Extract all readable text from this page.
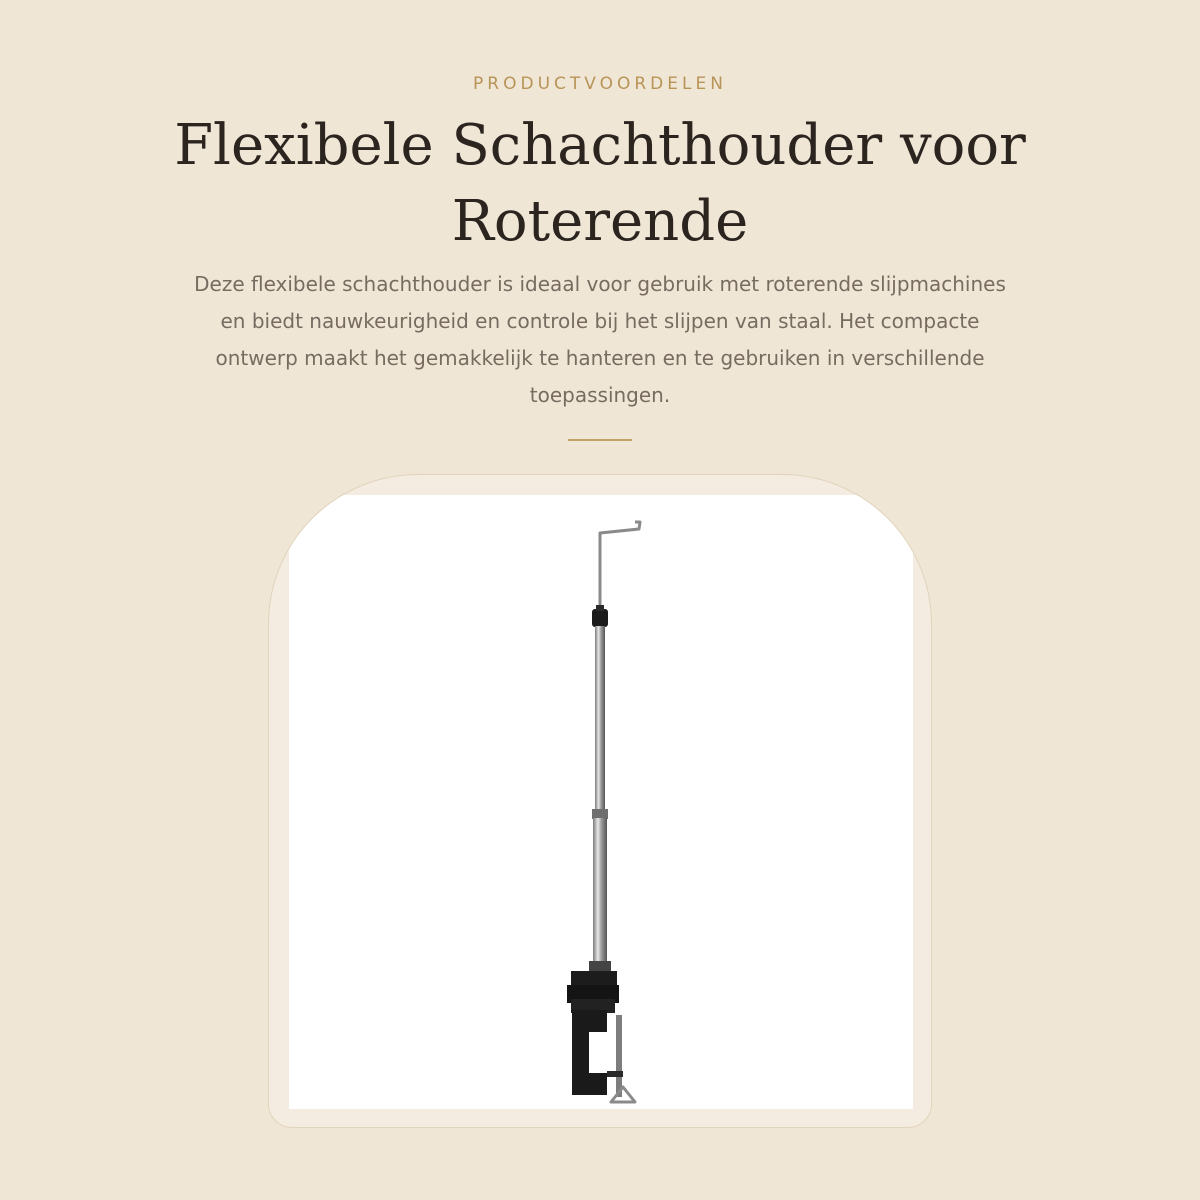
PRODUCTVOORDELEN
Flexibele Schachthouder voor Roterende

Deze flexibele schachthouder is ideaal voor gebruik met roterende slijpmachines en biedt nauwkeurigheid en controle bij het slijpen van staal. Het compacte ontwerp maakt het gemakkelijk te hanteren en te gebruiken in verschillende toepassingen.
